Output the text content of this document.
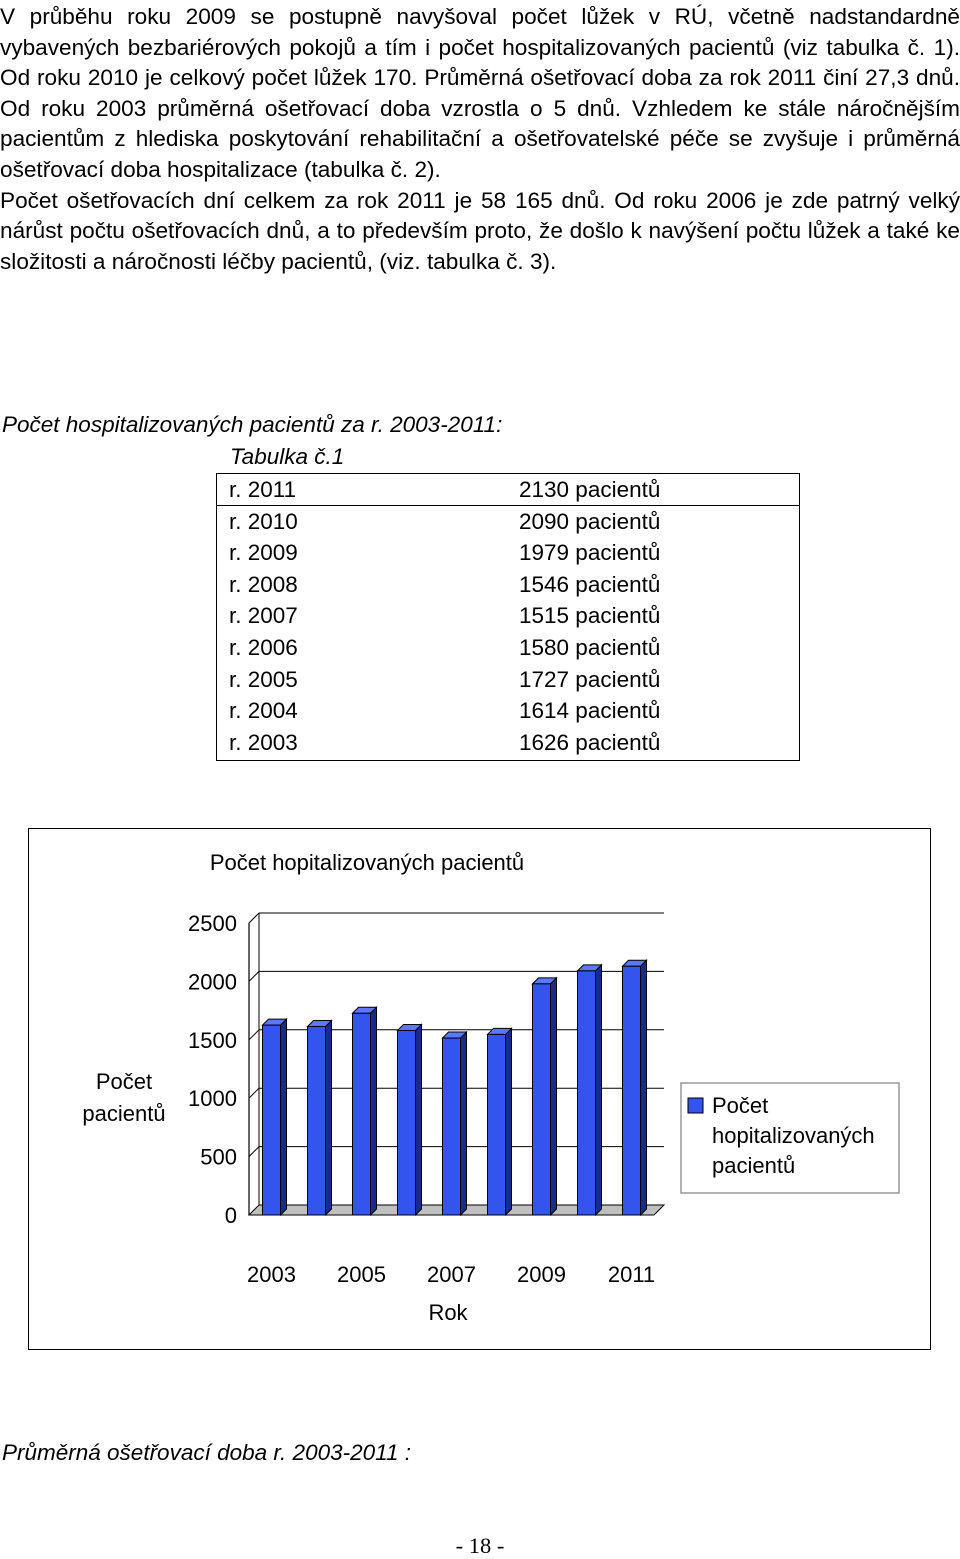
V průběhu roku 2009 se postupně navyšoval počet lůžek v RÚ, včetně nadstandardně vybavených bezbariérových pokojů a tím i počet hospitalizovaných pacientů (viz tabulka č. 1). Od roku 2010 je celkový počet lůžek 170. Průměrná ošetřovací doba za rok 2011 činí 27,3 dnů. Od roku 2003 průměrná ošetřovací doba vzrostla o 5 dnů. Vzhledem ke stále náročnějším pacientům z hlediska poskytování rehabilitační a ošetřovatelské péče se zvyšuje i průměrná ošetřovací doba hospitalizace (tabulka č. 2).

Počet ošetřovacích dní celkem za rok 2011 je 58 165 dnů. Od roku 2006 je zde patrný velký nárůst počtu ošetřovacích dnů, a to především proto, že došlo k navýšení počtu lůžek a také ke složitosti a náročnosti léčby pacientů, (viz. tabulka č. 3).

Počet hospitalizovaných pacientů za r. 2003-2011:
Tabulka č.1
r. 2011	2130 pacientů
r. 2010	2090 pacientů
r. 2009	1979 pacientů
r. 2008	1546 pacientů
r. 2007	1515 pacientů
r. 2006	1580 pacientů
r. 2005	1727 pacientů
r. 2004	1614 pacientů
r. 2003	1626 pacientů
Počet hopitalizovaných pacientů
Počet
pacientů
0
500
1000
1500
2000
2500
2003 2005 2007 2009 2011
Rok
Počet hopitalizovaných pacientů
Průměrná ošetřovací doba r. 2003-2011 :
- 18 -
